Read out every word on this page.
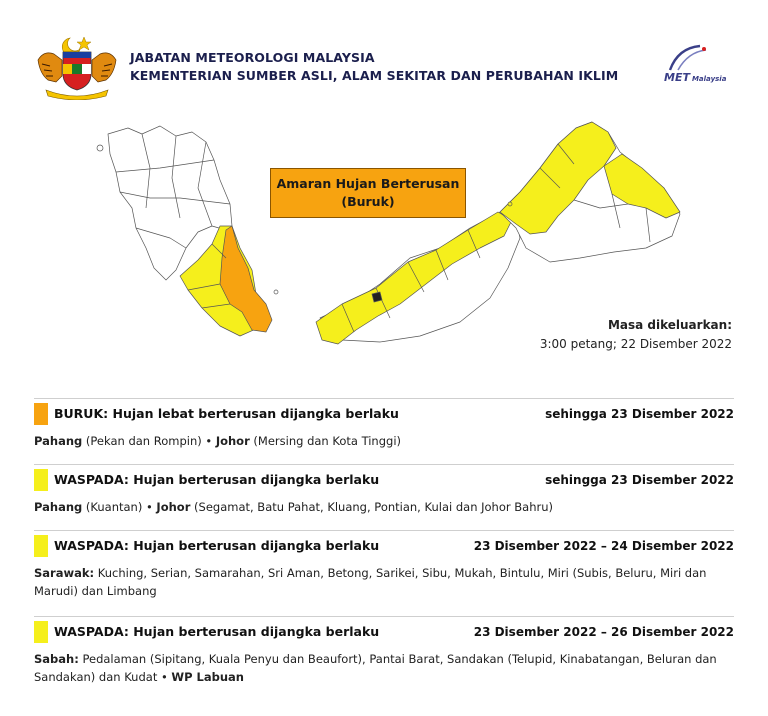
JABATAN METEOROLOGI MALAYSIA
KEMENTERIAN SUMBER ASLI, ALAM SEKITAR DAN PERUBAHAN IKLIM	MET Malaysia
Amaran Hujan Berterusan
(Buruk)
Masa dikeluarkan:
3:00 petang; 22 Disember 2022
BURUK: Hujan lebat berterusan dijangka berlaku	sehingga 23 Disember 2022
Pahang (Pekan dan Rompin) • Johor (Mersing dan Kota Tinggi)
WASPADA: Hujan berterusan dijangka berlaku	sehingga 23 Disember 2022
Pahang (Kuantan) • Johor (Segamat, Batu Pahat, Kluang, Pontian, Kulai dan Johor Bahru)
WASPADA: Hujan berterusan dijangka berlaku	23 Disember 2022 – 24 Disember 2022
Sarawak: Kuching, Serian, Samarahan, Sri Aman, Betong, Sarikei, Sibu, Mukah, Bintulu, Miri (Subis, Beluru, Miri dan Marudi) dan Limbang
WASPADA: Hujan berterusan dijangka berlaku	23 Disember 2022 – 26 Disember 2022
Sabah: Pedalaman (Sipitang, Kuala Penyu dan Beaufort), Pantai Barat, Sandakan (Telupid, Kinabatangan, Beluran dan Sandakan) dan Kudat • WP Labuan
